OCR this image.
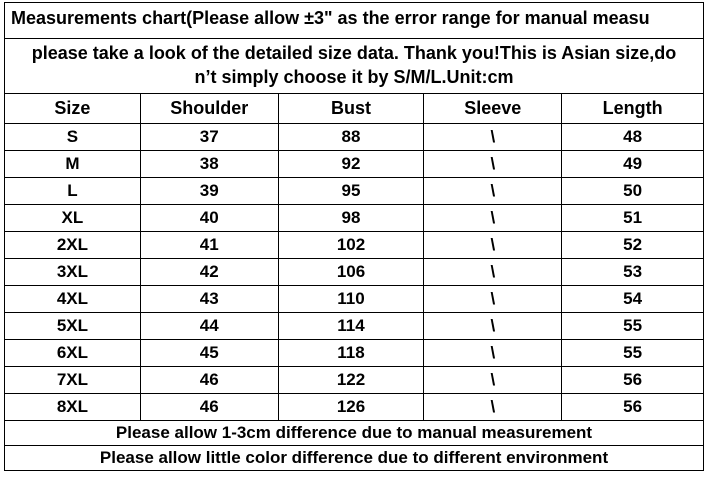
Measurements chart(Please allow ±3" as the error range for manual measu
please take a look of the detailed size data. Thank you!This is Asian size,do
n’t simply choose it by S/M/L.Unit:cm
Size	Shoulder	Bust	Sleeve	Length
S	37	88	\	48
M	38	92	\	49
L	39	95	\	50
XL	40	98	\	51
2XL	41	102	\	52
3XL	42	106	\	53
4XL	43	110	\	54
5XL	44	114	\	55
6XL	45	118	\	55
7XL	46	122	\	56
8XL	46	126	\	56
Please allow 1-3cm difference due to manual measurement
Please allow little color difference due to different environment
